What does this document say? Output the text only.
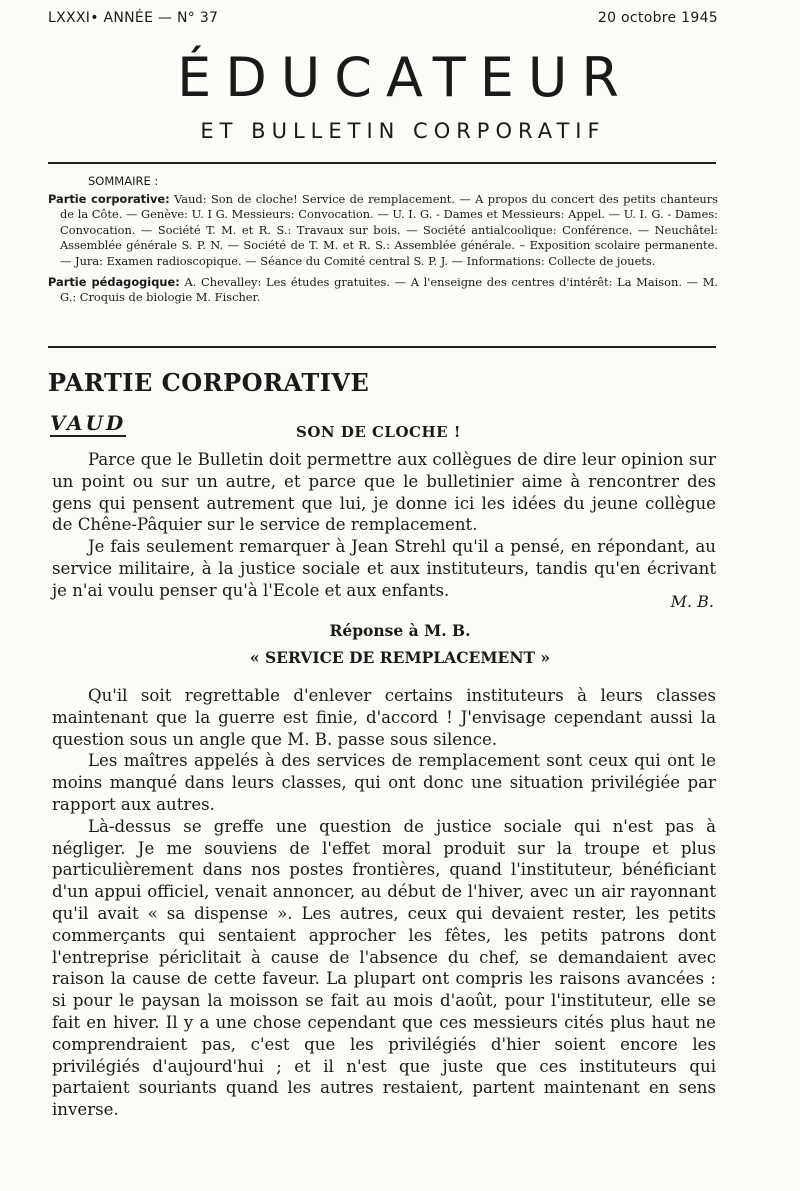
LXXXI• ANNÉE — N° 37	20 octobre 1945
ÉDUCATEUR
ET BULLETIN CORPORATIF
SOMMAIRE :

Partie corporative: Vaud: Son de cloche! Service de remplacement. — A propos du concert des petits chanteurs de la Côte. — Genève: U. I G. Messieurs: Convocation. — U. I. G. - Dames et Messieurs: Appel. — U. I. G. - Dames: Convocation. — Société T. M. et R. S.: Travaux sur bois. — Société antialcoolique: Conférence. — Neuchâtel: Assemblée générale S. P. N. — Société de T. M. et R. S.: Assemblée générale. – Exposition scolaire permanente. — Jura: Examen radioscopique. — Séance du Comité central S. P. J. — Informations: Collecte de jouets.

Partie pédagogique: A. Chevalley: Les études gratuites. — A l'enseigne des centres d'intérêt: La Maison. — M. G.: Croquis de biologie M. Fischer.

PARTIE CORPORATIVE
VAUD	SON DE CLOCHE !

Parce que le Bulletin doit permettre aux collègues de dire leur opinion sur un point ou sur un autre, et parce que le bulletinier aime à rencontrer des gens qui pensent autrement que lui, je donne ici les idées du jeune collègue de Chêne-Pâquier sur le service de remplacement.

Je fais seulement remarquer à Jean Strehl qu'il a pensé, en répondant, au service militaire, à la justice sociale et aux instituteurs, tandis qu'en écrivant je n'ai voulu penser qu'à l'Ecole et aux enfants.

M. B.
Réponse à M. B.
« SERVICE DE REMPLACEMENT »

Qu'il soit regrettable d'enlever certains instituteurs à leurs classes maintenant que la guerre est finie, d'accord ! J'envisage cependant aussi la question sous un angle que M. B. passe sous silence.

Les maîtres appelés à des services de remplacement sont ceux qui ont le moins manqué dans leurs classes, qui ont donc une situation privilégiée par rapport aux autres.

Là-dessus se greffe une question de justice sociale qui n'est pas à négliger. Je me souviens de l'effet moral produit sur la troupe et plus particulièrement dans nos postes frontières, quand l'instituteur, bénéficiant d'un appui officiel, venait annoncer, au début de l'hiver, avec un air rayonnant qu'il avait « sa dispense ». Les autres, ceux qui devaient rester, les petits commerçants qui sentaient approcher les fêtes, les petits patrons dont l'entreprise périclitait à cause de l'absence du chef, se demandaient avec raison la cause de cette faveur. La plupart ont compris les raisons avancées : si pour le paysan la moisson se fait au mois d'août, pour l'instituteur, elle se fait en hiver. Il y a une chose cependant que ces messieurs cités plus haut ne comprendraient pas, c'est que les privilégiés d'hier soient encore les privilégiés d'aujourd'hui ; et il n'est que juste que ces instituteurs qui partaient souriants quand les autres restaient, partent maintenant en sens inverse.
